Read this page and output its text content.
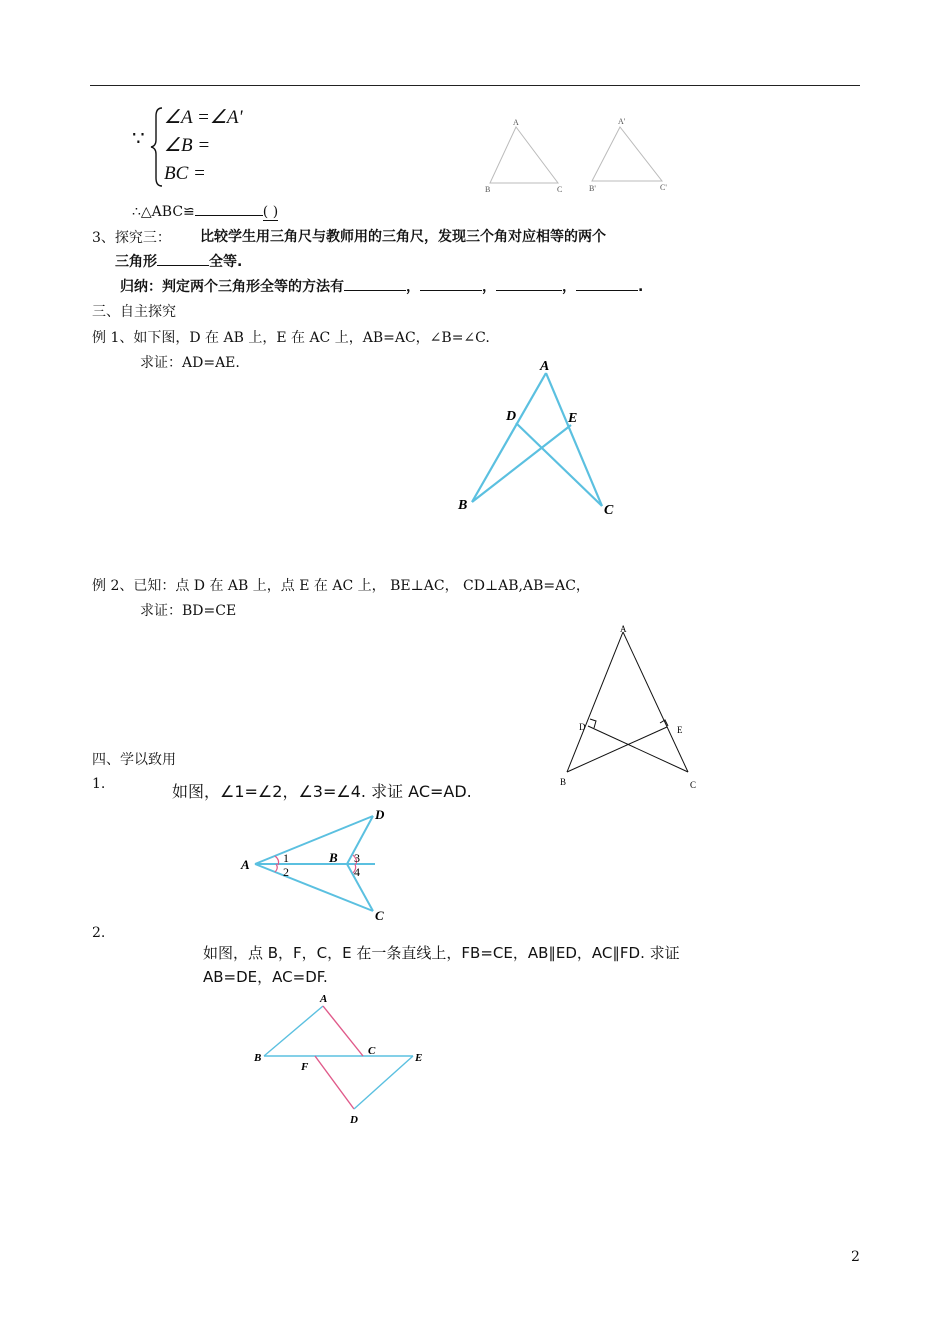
∵
∠A =∠A'
∠B =
BC =
∴△ABC≌	( )
A
B	C
A'
B'	C'
3、探究三： 比较学生用三角尺与教师用的三角尺，发现三个角对应相等的两个
三角形	全等.
归纳：判定两个三角形全等的方法有	，	，	，	.
三、自主探究
例 1、如下图，D 在 AB 上，E 在 AC 上，AB=AC，∠B=∠C.
求证：AD=AE.	A
B	C
D	E
例 2、已知：点 D 在 AB 上，点 E 在 AC 上， BE⊥AC， CD⊥AB,AB=AC，
求证：BD=CE
A
B	C
D	E
四、学以致用
1.	如图，∠1=∠2，∠3=∠4. 求证 AC=AD.
A	B
C
D
1
2
3
4
2.
如图，点 B，F，C，E 在一条直线上，FB=CE，AB∥ED，AC∥FD. 求证
AB=DE，AC=DF.
A
B
C
D
E
F
2
